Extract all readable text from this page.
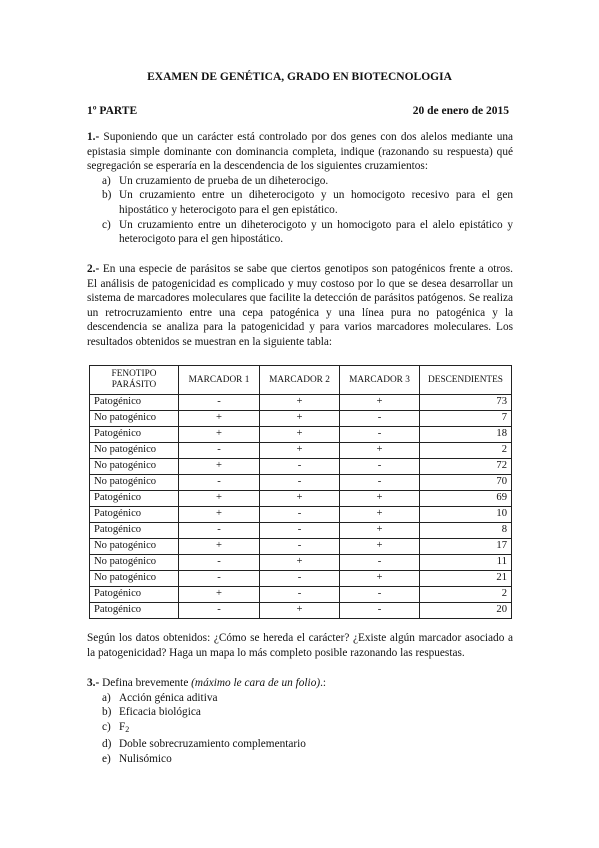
EXAMEN DE GENÉTICA, GRADO EN BIOTECNOLOGIA
1º PARTE	20 de enero de 2015

1.- Suponiendo que un carácter está controlado por dos genes con dos alelos mediante una epistasia simple dominante con dominancia completa, indique (razonando su respuesta) qué segregación se esperaría en la descendencia de los siguientes cruzamientos:

a) Un cruzamiento de prueba de un diheterocigo.
b) Un cruzamiento entre un diheterocigoto y un homocigoto recesivo para el gen hipostático y heterocigoto para el gen epistático.
c) Un cruzamiento entre un diheterocigoto y un homocigoto para el alelo epistático y heterocigoto para el gen hipostático.

2.- En una especie de parásitos se sabe que ciertos genotipos son patogénicos frente a otros. El análisis de patogenicidad es complicado y muy costoso por lo que se desea desarrollar un sistema de marcadores moleculares que facilite la detección de parásitos patógenos. Se realiza un retrocruzamiento entre una cepa patogénica y una línea pura no patogénica y la descendencia se analiza para la patogenicidad y para varios marcadores moleculares. Los resultados obtenidos se muestran en la siguiente tabla:

FENOTIPO
PARÁSITO	MARCADOR 1	MARCADOR 2	MARCADOR 3	DESCENDIENTES
Patogénico	-	+	+	73
No patogénico	+	+	-	7
Patogénico	+	+	-	18
No patogénico	-	+	+	2
No patogénico	+	-	-	72
No patogénico	-	-	-	70
Patogénico	+	+	+	69
Patogénico	+	-	+	10
Patogénico	-	-	+	8
No patogénico	+	-	+	17
No patogénico	-	+	-	11
No patogénico	-	-	+	21
Patogénico	+	-	-	2
Patogénico	-	+	-	20
Según los datos obtenidos: ¿Cómo se hereda el carácter? ¿Existe algún marcador asociado a la patogenicidad? Haga un mapa lo más completo posible razonando las respuestas.

3.- Defina brevemente (máximo le cara de un folio).:

a) Acción génica aditiva
b) Eficacia biológica
c) $F_2$
d) Doble sobrecruzamiento complementario
e) Nulisómico
